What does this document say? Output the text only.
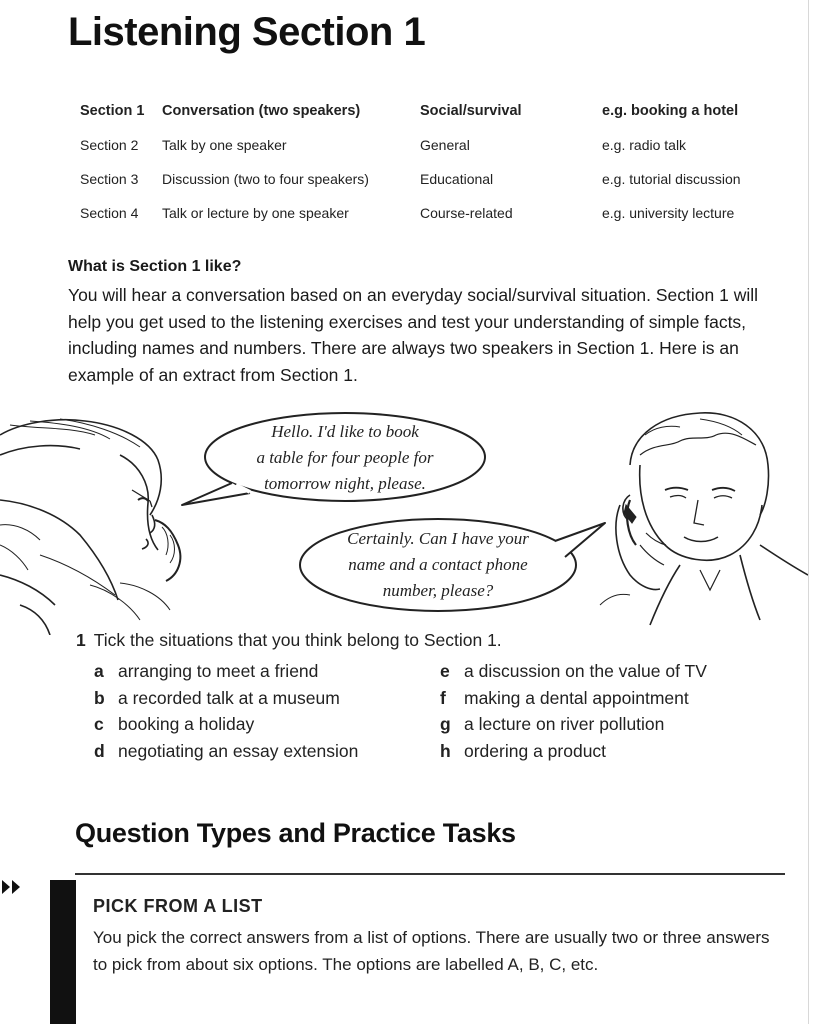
Listening Section 1
Section 1	Conversation (two speakers)	Social/survival	e.g. booking a hotel
Section 2	Talk by one speaker	General	e.g. radio talk
Section 3	Discussion (two to four speakers)	Educational	e.g. tutorial discussion
Section 4	Talk or lecture by one speaker	Course-related	e.g. university lecture
What is Section 1 like?

You will hear a conversation based on an everyday social/survival situation. Section 1 will help you get used to the listening exercises and test your understanding of simple facts, including names and numbers. There are always two speakers in Section 1. Here is an example of an extract from Section 1.

Hello. I'd like to book
a table for four people for
tomorrow night, please.
Certainly. Can I have your
name and a contact phone
number, please?

1 Tick the situations that you think belong to Section 1.

a arranging to meet a friend
b a recorded talk at a museum
c booking a holiday
d negotiating an essay extension
e a discussion on the value of TV
f making a dental appointment
g a lecture on river pollution
h ordering a product
Question Types and Practice Tasks
PICK FROM A LIST

You pick the correct answers from a list of options. There are usually two or three answers to pick from about six options. The options are labelled A, B, C, etc.
